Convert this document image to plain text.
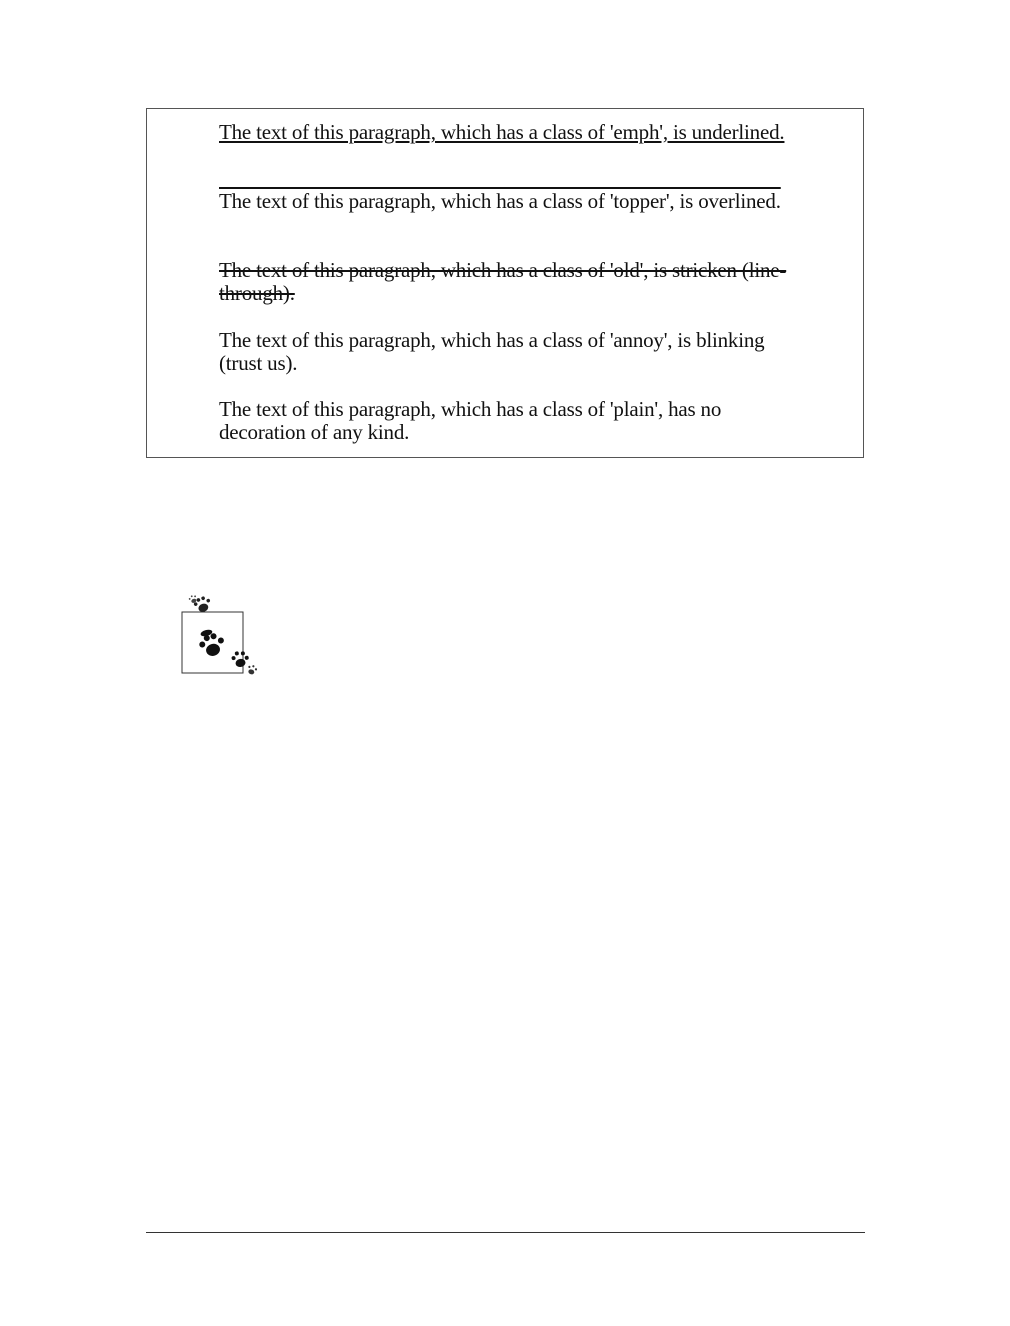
The text of this paragraph, which has a class of 'emph', is underlined.

The text of this paragraph, which has a class of 'topper', is overlined.

The text of this paragraph, which has a class of 'old', is stricken (line-through).

The text of this paragraph, which has a class of 'annoy', is blinking (trust us).

The text of this paragraph, which has a class of 'plain', has no decoration of any kind.
